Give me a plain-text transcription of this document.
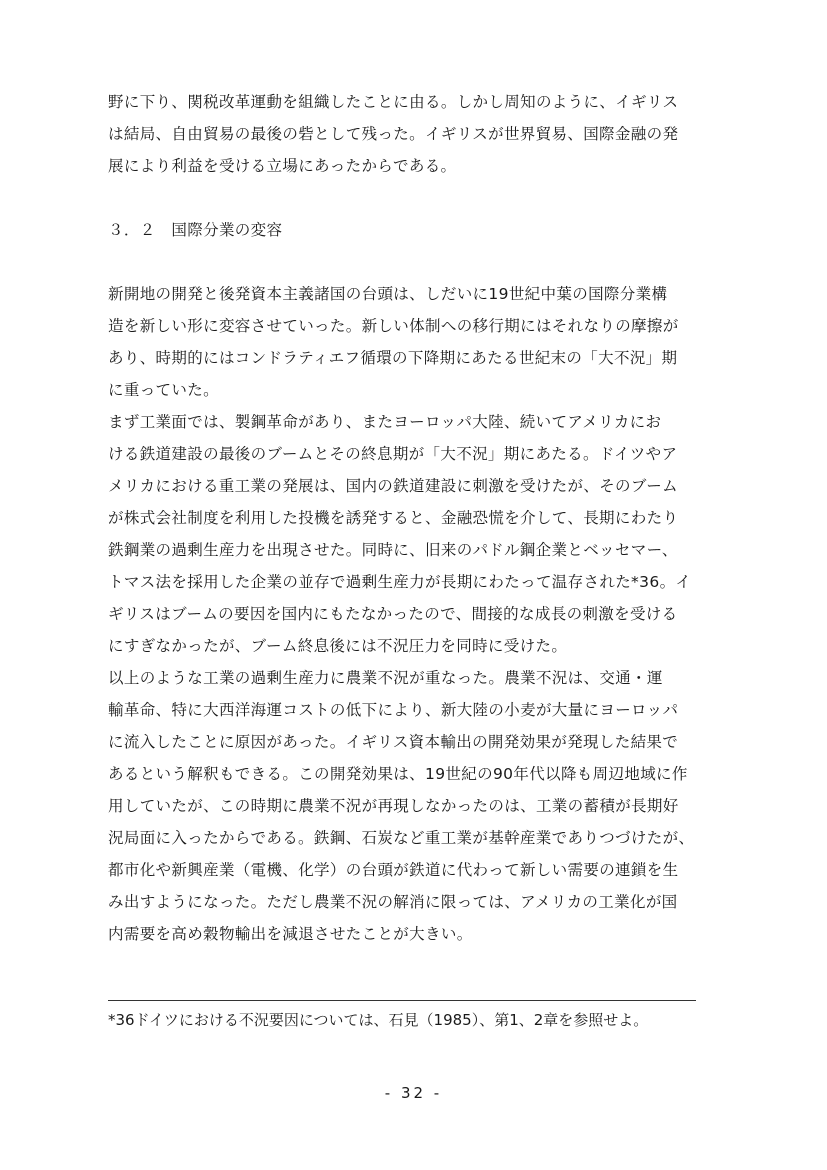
野に下り、関税改革運動を組織したことに由る。しかし周知のように、イギリス
は結局、自由貿易の最後の砦として残った。イギリスが世界貿易、国際金融の発
展により利益を受ける立場にあったからである。
３．２　国際分業の変容
新開地の開発と後発資本主義諸国の台頭は、しだいに19世紀中葉の国際分業構
造を新しい形に変容させていった。新しい体制への移行期にはそれなりの摩擦が
あり、時期的にはコンドラティエフ循環の下降期にあたる世紀末の「大不況」期
に重っていた。
まず工業面では、製鋼革命があり、またヨーロッパ大陸、続いてアメリカにお
ける鉄道建設の最後のブームとその終息期が「大不況」期にあたる。ドイツやア
メリカにおける重工業の発展は、国内の鉄道建設に刺激を受けたが、そのブーム
が株式会社制度を利用した投機を誘発すると、金融恐慌を介して、長期にわたり
鉄鋼業の過剰生産力を出現させた。同時に、旧来のパドル鋼企業とベッセマー、
トマス法を採用した企業の並存で過剰生産力が長期にわたって温存された*36。イ
ギリスはブームの要因を国内にもたなかったので、間接的な成長の刺激を受ける
にすぎなかったが、ブーム終息後には不況圧力を同時に受けた。
以上のような工業の過剰生産力に農業不況が重なった。農業不況は、交通・運
輸革命、特に大西洋海運コストの低下により、新大陸の小麦が大量にヨーロッパ
に流入したことに原因があった。イギリス資本輸出の開発効果が発現した結果で
あるという解釈もできる。この開発効果は、19世紀の90年代以降も周辺地域に作
用していたが、この時期に農業不況が再現しなかったのは、工業の蓄積が長期好
況局面に入ったからである。鉄鋼、石炭など重工業が基幹産業でありつづけたが、
都市化や新興産業（電機、化学）の台頭が鉄道に代わって新しい需要の連鎖を生
み出すようになった。ただし農業不況の解消に限っては、アメリカの工業化が国
内需要を高め穀物輸出を減退させたことが大きい。
*36ドイツにおける不況要因については、石見（1985）、第1、2章を参照せよ。
- 32 -
